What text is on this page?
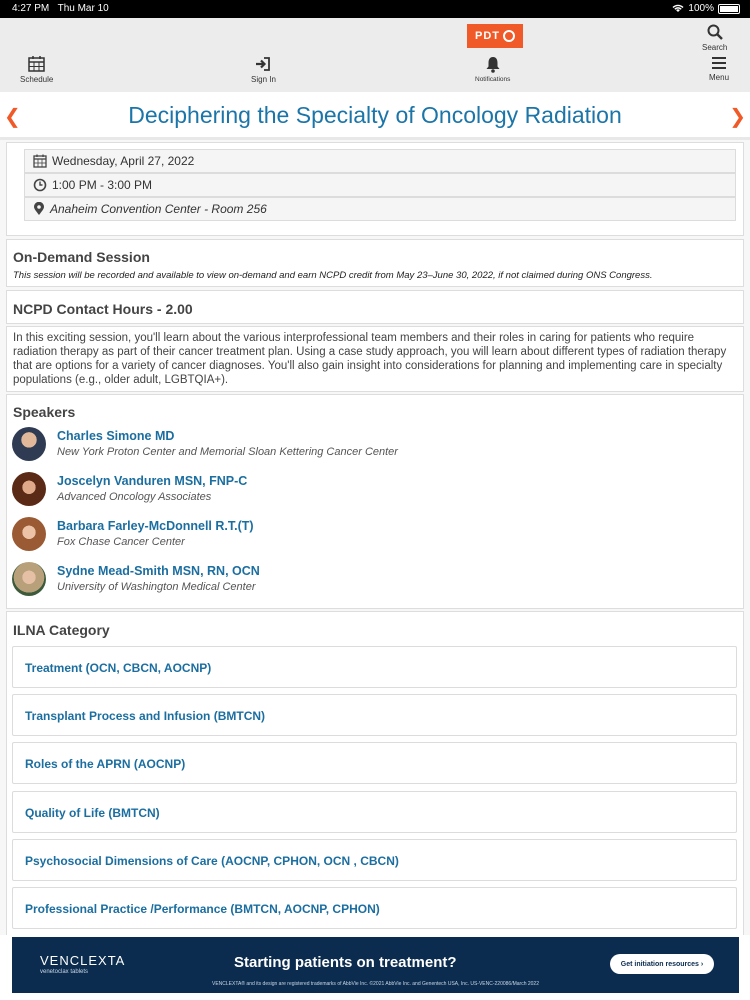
4:27 PM Thu Mar 10	100%
PDT
Search
Schedule	Sign In	Notifications	Menu
❮	Deciphering the Specialty of Oncology Radiation	❯
Wednesday, April 27, 2022
1:00 PM - 3:00 PM
Anaheim Convention Center - Room 256
On-Demand Session
This session will be recorded and available to view on-demand and earn NCPD credit from May 23–June 30, 2022, if not claimed during ONS Congress.
NCPD Contact Hours - 2.00
In this exciting session, you'll learn about the various interprofessional team members and their roles in caring for patients who require radiation therapy as part of their cancer treatment plan. Using a case study approach, you will learn about different types of radiation therapy that are options for a variety of cancer diagnoses. You'll also gain insight into considerations for planning and implementing care in specialty populations (e.g., older adult, LGBTQIA+).
Speakers
Charles Simone MD
New York Proton Center and Memorial Sloan Kettering Cancer Center
Joscelyn Vanduren MSN, FNP-C
Advanced Oncology Associates
Barbara Farley-McDonnell R.T.(T)
Fox Chase Cancer Center
Sydne Mead-Smith MSN, RN, OCN
University of Washington Medical Center
ILNA Category
Treatment (OCN, CBCN, AOCNP)
Transplant Process and Infusion (BMTCN)
Roles of the APRN (AOCNP)
Quality of Life (BMTCN)
Psychosocial Dimensions of Care (AOCNP, CPHON, OCN , CBCN)
Professional Practice /Performance (BMTCN, AOCNP, CPHON)
VENCLEXTA
venetoclax tablets
Starting patients on treatment?	Get initiation resources ›
VENCLEXTA® and its design are registered trademarks of AbbVie Inc. ©2021 AbbVie Inc. and Genentech USA, Inc. US-VENC-220086/March 2022
